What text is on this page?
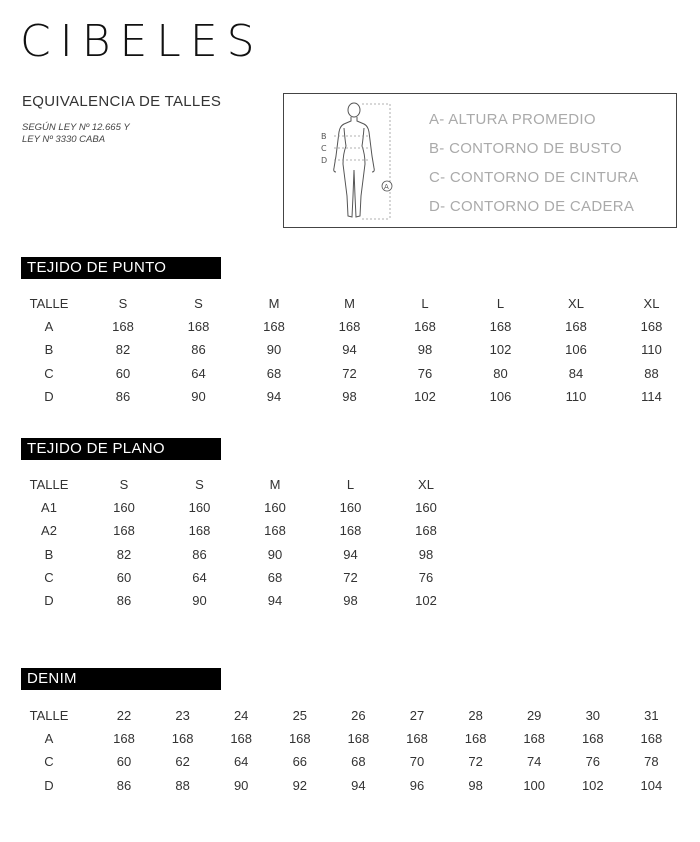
CIBELES
EQUIVALENCIA DE TALLES
SEGÚN LEY Nº 12.665 Y
LEY Nº 3330 CABA	B
C
D
A
A- ALTURA PROMEDIO
B- CONTORNO DE BUSTO
C- CONTORNO DE CINTURA
D- CONTORNO DE CADERA
TEJIDO DE PUNTO
TALLE	S	S	M	M	L	L	XL	XL
A	168	168	168	168	168	168	168	168
B	82	86	90	94	98	102	106	110
C	60	64	68	72	76	80	84	88
D	86	90	94	98	102	106	110	114
TEJIDO DE PLANO
TALLE	S	S	M	L	XL
A1	160	160	160	160	160
A2	168	168	168	168	168
B	82	86	90	94	98
C	60	64	68	72	76
D	86	90	94	98	102
DENIM
TALLE	22	23	24	25	26	27	28	29	30	31
A	168	168	168	168	168	168	168	168	168	168
C	60	62	64	66	68	70	72	74	76	78
D	86	88	90	92	94	96	98	100	102	104
